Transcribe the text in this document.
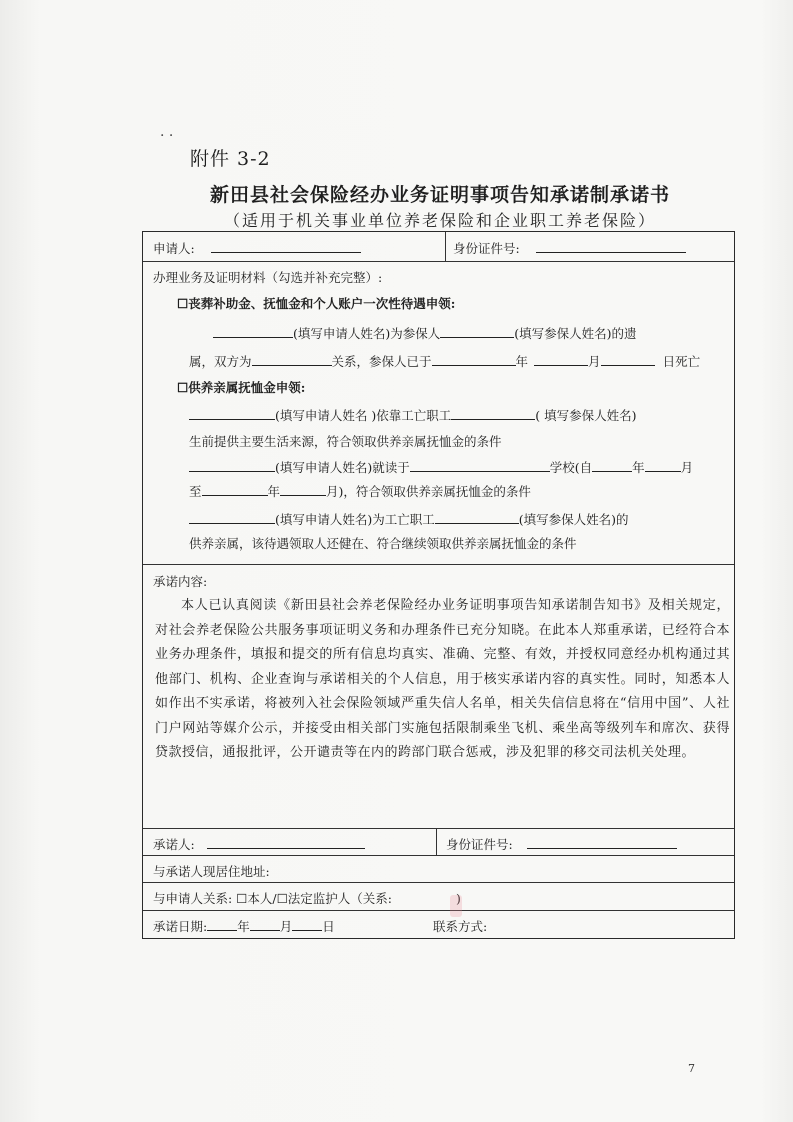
· ·
附件 3-2
新田县社会保险经办业务证明事项告知承诺制承诺书
（适用于机关事业单位养老保险和企业职工养老保险）
申请人:	身份证件号:
办理业务及证明材料（勾选并补充完整）:
☐丧葬补助金、抚恤金和个人账户一次性待遇申领:
(填写申请人姓名)为参保人	(填写参保人姓名)的遗
属，双方为	关系，参保人已于	年	月	日死亡
☐供养亲属抚恤金申领:
(填写申请人姓名 )依靠工亡职工	( 填写参保人姓名)
生前提供主要生活来源，符合领取供养亲属抚恤金的条件
(填写申请人姓名)就读于	学校(自	年	月
至	年	月)，符合领取供养亲属抚恤金的条件
(填写申请人姓名)为工亡职工	(填写参保人姓名)的
供养亲属，该待遇领取人还健在、符合继续领取供养亲属抚恤金的条件
承诺内容:
本人已认真阅读《新田县社会养老保险经办业务证明事项告知承诺制告知书》及相关规定，对社会养老保险公共服务事项证明义务和办理条件已充分知晓。在此本人郑重承诺，已经符合本业务办理条件，填报和提交的所有信息均真实、准确、完整、有效，并授权同意经办机构通过其他部门、机构、企业查询与承诺相关的个人信息，用于核实承诺内容的真实性。同时，知悉本人如作出不实承诺，将被列入社会保险领域严重失信人名单，相关失信信息将在“信用中国”、人社门户网站等媒介公示，并接受由相关部门实施包括限制乘坐飞机、乘坐高等级列车和席次、获得贷款授信，通报批评，公开谴责等在内的跨部门联合惩戒，涉及犯罪的移交司法机关处理。
承诺人:	身份证件号:
与承诺人现居住地址:
与申请人关系: ☐本人/☐法定监护人（关系:	)
承诺日期: 年 月 日	联系方式:
7
